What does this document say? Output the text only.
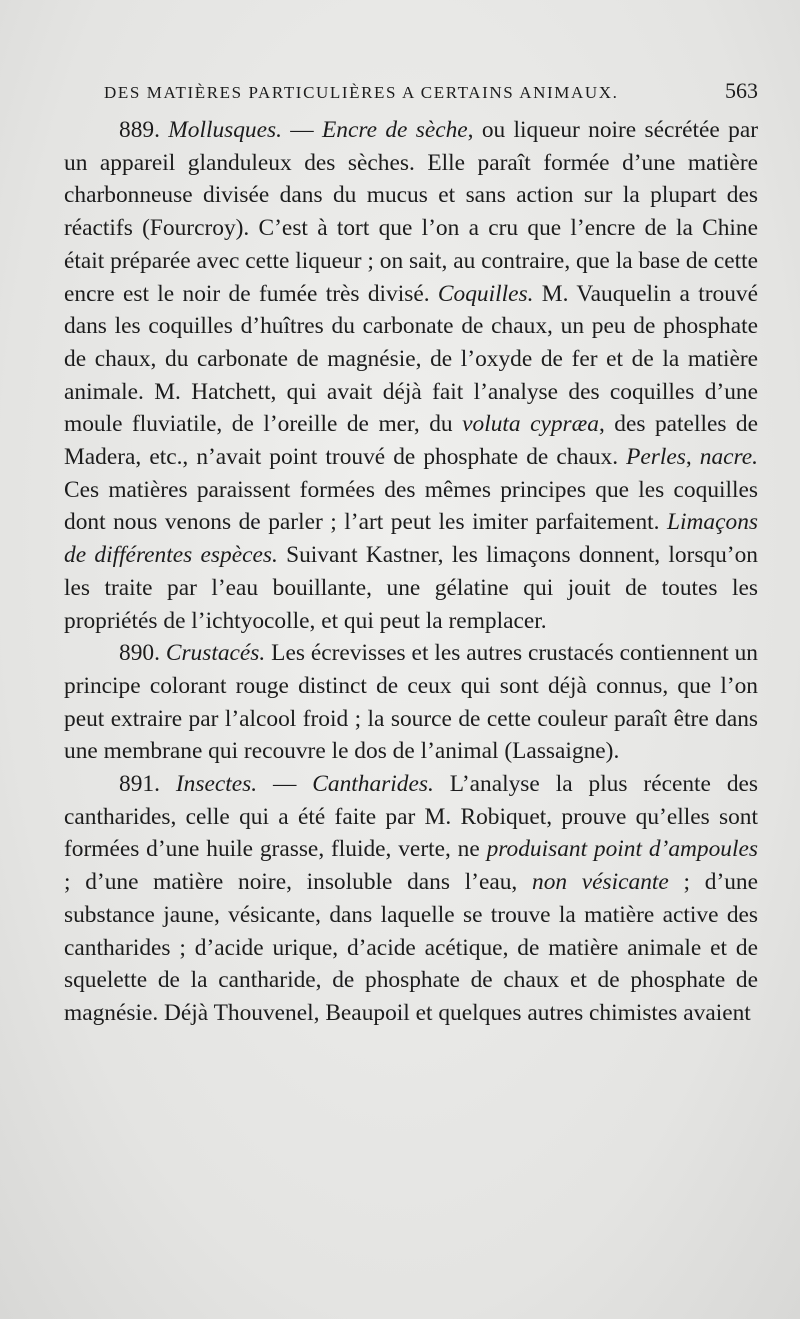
DES MATIÈRES PARTICULIÈRES A CERTAINS ANIMAUX.	563

889. Mollusques. — Encre de sèche, ou liqueur noire sécrétée par un appareil glanduleux des sèches. Elle paraît formée d’une matière charbonneuse divisée dans du mucus et sans action sur la plupart des réactifs (Fourcroy). C’est à tort que l’on a cru que l’encre de la Chine était préparée avec cette liqueur ; on sait, au contraire, que la base de cette encre est le noir de fumée très divisé. Coquilles. M. Vauquelin a trouvé dans les coquilles d’huîtres du carbonate de chaux, un peu de phosphate de chaux, du carbonate de magnésie, de l’oxyde de fer et de la matière animale. M. Hatchett, qui avait déjà fait l’analyse des coquilles d’une moule fluviatile, de l’oreille de mer, du voluta cypræa, des patelles de Madera, etc., n’avait point trouvé de phosphate de chaux. Perles, nacre. Ces matières paraissent formées des mêmes principes que les coquilles dont nous venons de parler ; l’art peut les imiter parfaitement. Limaçons de différentes espèces. Suivant Kastner, les limaçons donnent, lorsqu’on les traite par l’eau bouillante, une gélatine qui jouit de toutes les propriétés de l’ichtyocolle, et qui peut la remplacer.

890. Crustacés. Les écrevisses et les autres crustacés contiennent un principe colorant rouge distinct de ceux qui sont déjà connus, que l’on peut extraire par l’alcool froid ; la source de cette couleur paraît être dans une membrane qui recouvre le dos de l’animal (Lassaigne).

891. Insectes. — Cantharides. L’analyse la plus récente des cantharides, celle qui a été faite par M. Robiquet, prouve qu’elles sont formées d’une huile grasse, fluide, verte, ne produisant point d’ampoules ; d’une matière noire, insoluble dans l’eau, non vésicante ; d’une substance jaune, vésicante, dans laquelle se trouve la matière active des cantharides ; d’acide urique, d’acide acétique, de matière animale et de squelette de la cantharide, de phosphate de chaux et de phosphate de magnésie. Déjà Thouvenel, Beaupoil et quelques autres chimistes avaient
